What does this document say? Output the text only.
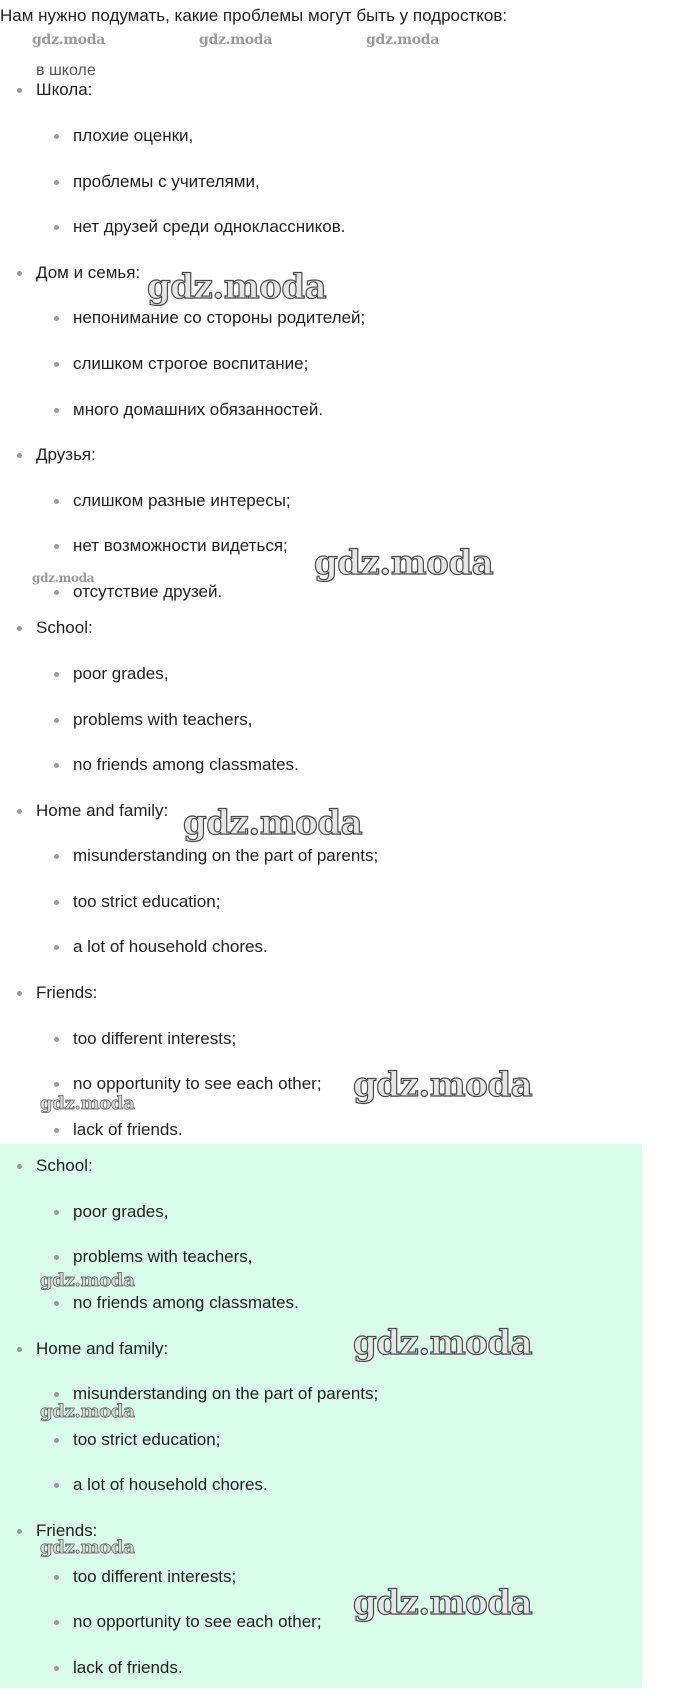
Нам нужно подумать, какие проблемы могут быть у подростков:
в школе
gdz.moda	gdz.moda	gdz.moda
Школа:
плохие оценки,
проблемы с учителями,
нет друзей среди одноклассников.
Дом и семья:
непонимание со стороны родителей;
слишком строгое воспитание;
много домашних обязанностей.
Друзья:
слишком разные интересы;
нет возможности видеться;
отсутствие друзей.
School:
poor grades,
problems with teachers,
no friends among classmates.
Home and family:
misunderstanding on the part of parents;
too strict education;
a lot of household chores.
Friends:
too different interests;
no opportunity to see each other;
lack of friends.
School:
poor grades,
problems with teachers,
no friends among classmates.
Home and family:
misunderstanding on the part of parents;
too strict education;
a lot of household chores.
Friends:
too different interests;
no opportunity to see each other;
lack of friends.
gdz.moda
gdz.moda
gdz.moda
gdz.moda
gdz.moda
gdz.moda
gdz.moda
gdz.moda
gdz.moda
gdz.moda
gdz.moda
